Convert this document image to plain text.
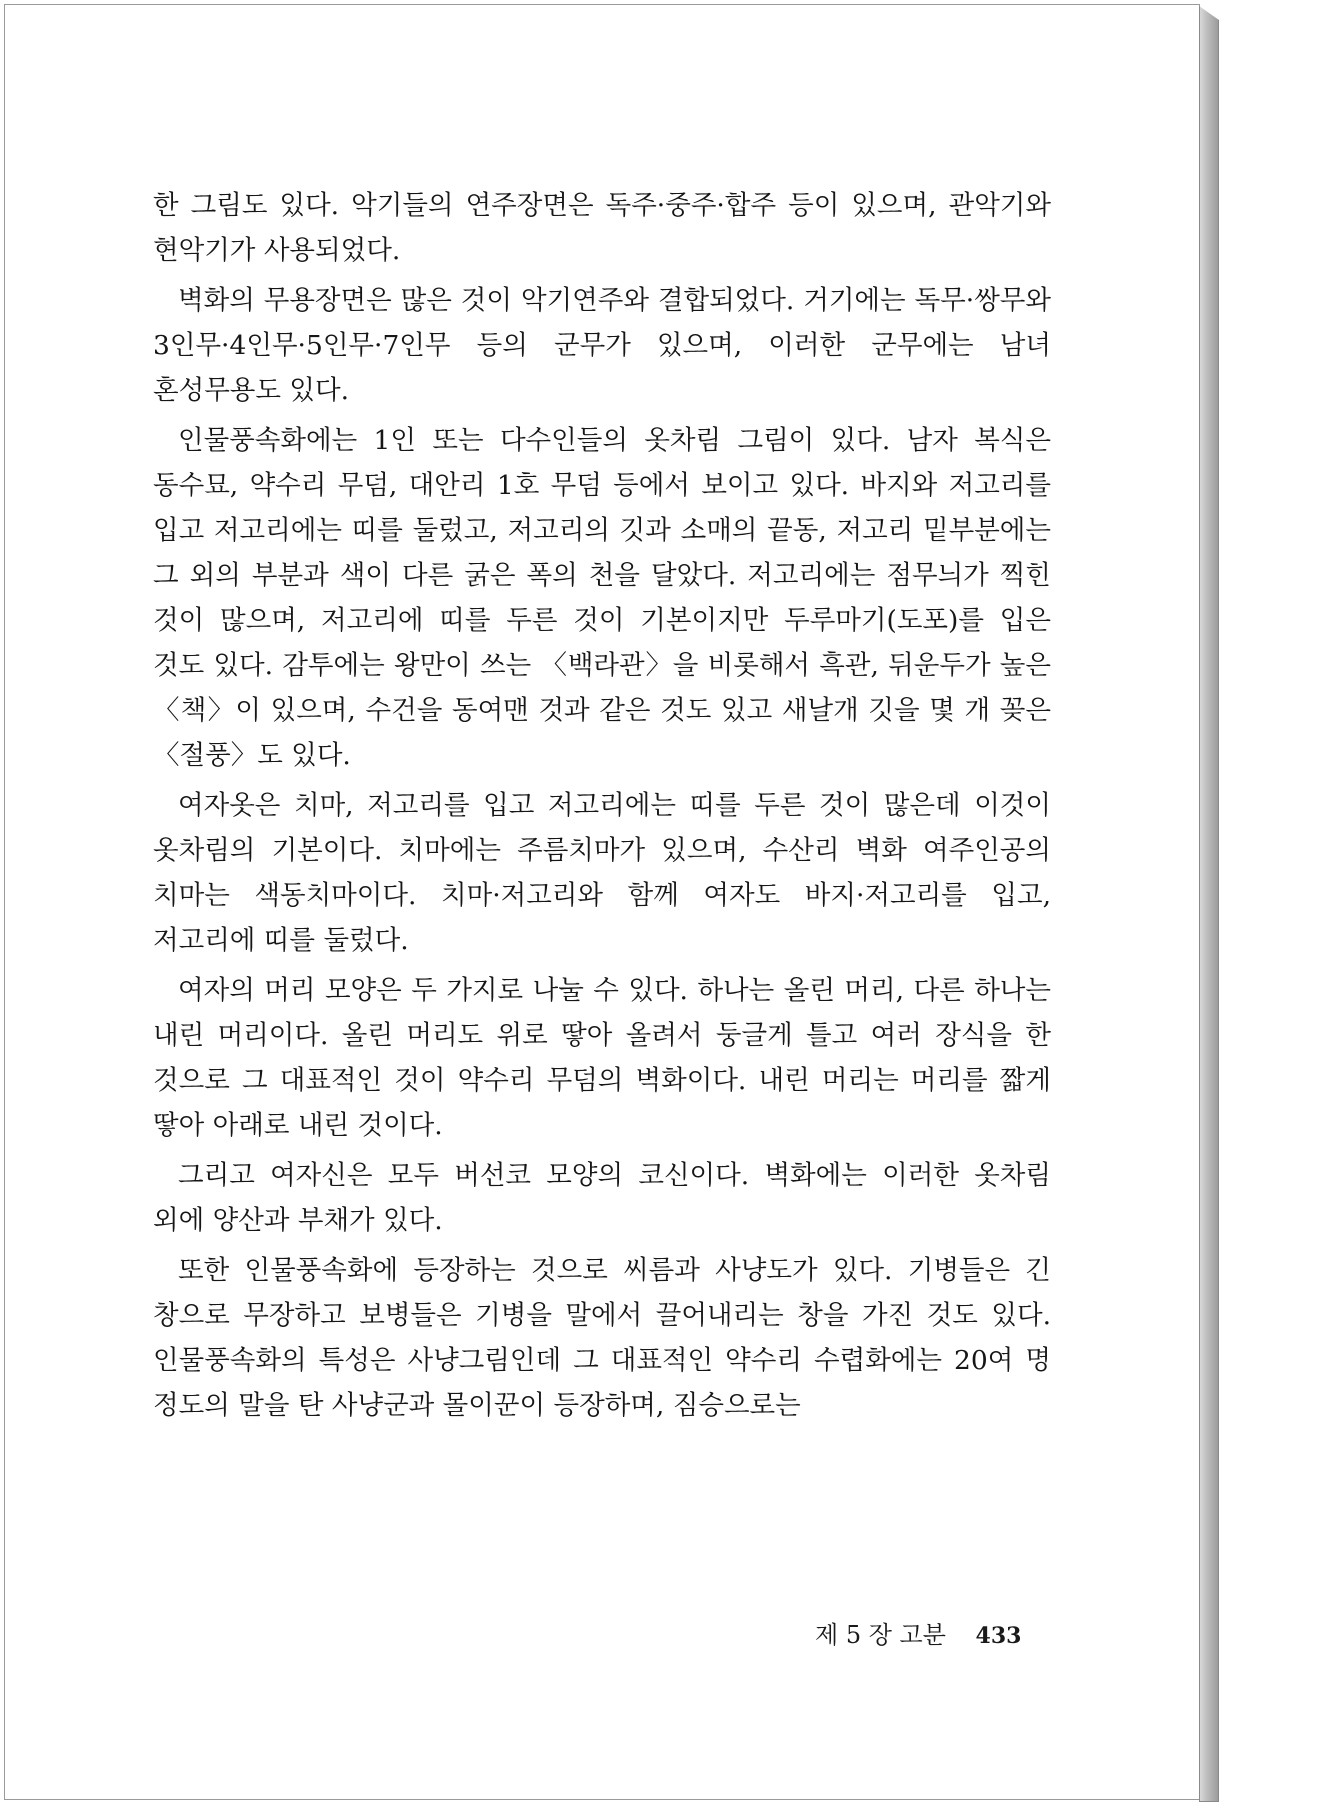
한 그림도 있다. 악기들의 연주장면은 독주·중주·합주 등이 있으며, 관악기와 현악기가 사용되었다.

벽화의 무용장면은 많은 것이 악기연주와 결합되었다. 거기에는 독무·쌍무와 3인무·4인무·5인무·7인무 등의 군무가 있으며, 이러한 군무에는 남녀 혼성무용도 있다.

인물풍속화에는 1인 또는 다수인들의 옷차림 그림이 있다. 남자 복식은 동수묘, 약수리 무덤, 대안리 1호 무덤 등에서 보이고 있다. 바지와 저고리를 입고 저고리에는 띠를 둘렀고, 저고리의 깃과 소매의 끝동, 저고리 밑부분에는 그 외의 부분과 색이 다른 굵은 폭의 천을 달았다. 저고리에는 점무늬가 찍힌 것이 많으며, 저고리에 띠를 두른 것이 기본이지만 두루마기(도포)를 입은 것도 있다. 감투에는 왕만이 쓰는 〈백라관〉을 비롯해서 흑관, 뒤운두가 높은 〈책〉이 있으며, 수건을 동여맨 것과 같은 것도 있고 새날개 깃을 몇 개 꽂은 〈절풍〉도 있다.

여자옷은 치마, 저고리를 입고 저고리에는 띠를 두른 것이 많은데 이것이 옷차림의 기본이다. 치마에는 주름치마가 있으며, 수산리 벽화 여주인공의 치마는 색동치마이다. 치마·저고리와 함께 여자도 바지·저고리를 입고, 저고리에 띠를 둘렀다.

여자의 머리 모양은 두 가지로 나눌 수 있다. 하나는 올린 머리, 다른 하나는 내린 머리이다. 올린 머리도 위로 땋아 올려서 둥글게 틀고 여러 장식을 한 것으로 그 대표적인 것이 약수리 무덤의 벽화이다. 내린 머리는 머리를 짧게 땋아 아래로 내린 것이다.

그리고 여자신은 모두 버선코 모양의 코신이다. 벽화에는 이러한 옷차림 외에 양산과 부채가 있다.

또한 인물풍속화에 등장하는 것으로 씨름과 사냥도가 있다. 기병들은 긴 창으로 무장하고 보병들은 기병을 말에서 끌어내리는 창을 가진 것도 있다. 인물풍속화의 특성은 사냥그림인데 그 대표적인 약수리 수렵화에는 20여 명 정도의 말을 탄 사냥군과 몰이꾼이 등장하며, 짐승으로는

제 5 장 고분 433
